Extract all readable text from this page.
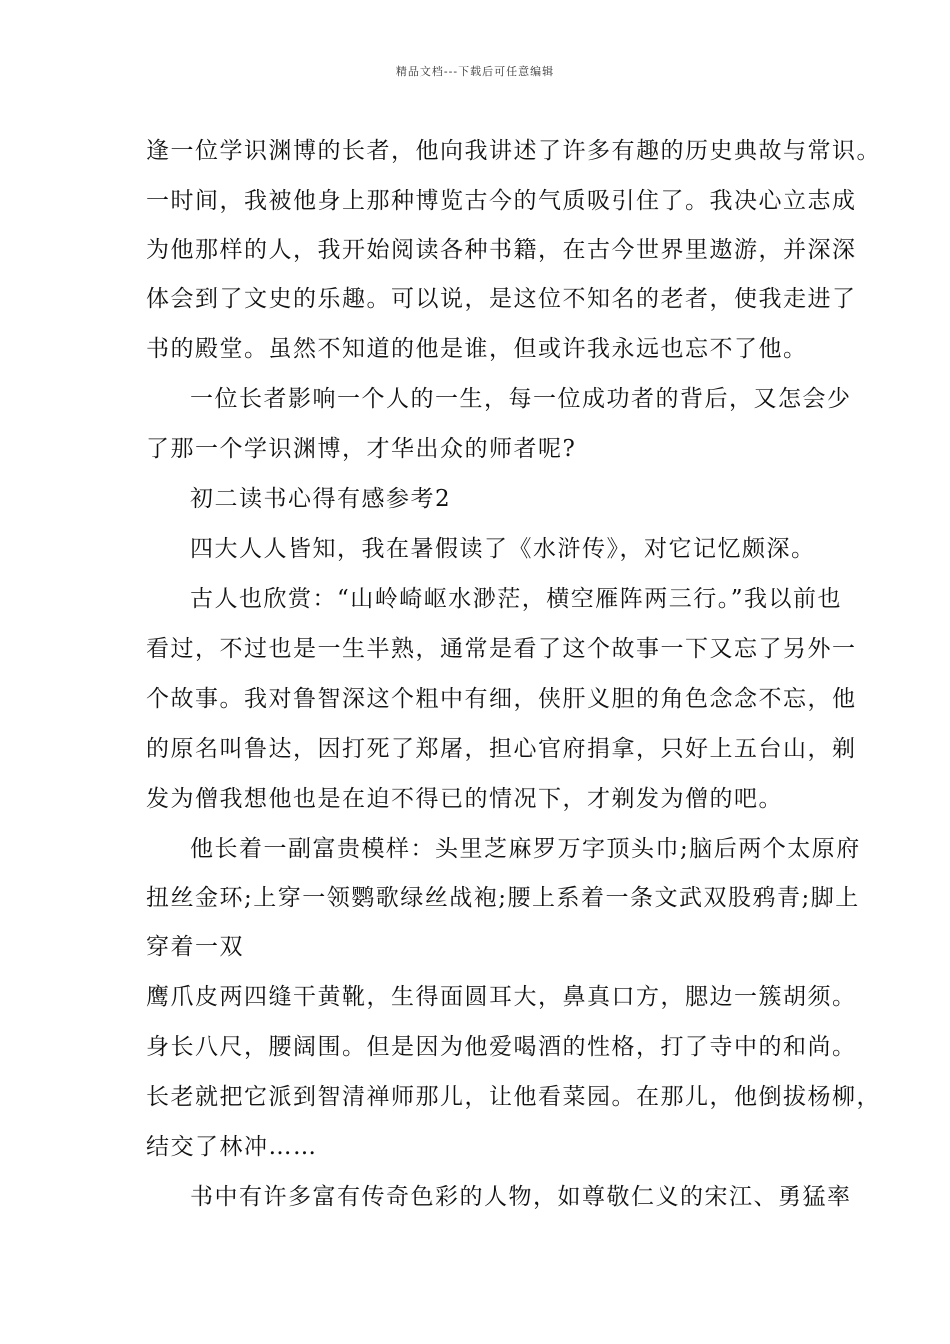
精品文档---下载后可任意编辑
逢一位学识渊博的长者，他向我讲述了许多有趣的历史典故与常识。
一时间，我被他身上那种博览古今的气质吸引住了。我决心立志成
为他那样的人，我开始阅读各种书籍，在古今世界里遨游，并深深
体会到了文史的乐趣。可以说，是这位不知名的老者，使我走进了
书的殿堂。虽然不知道的他是谁，但或许我永远也忘不了他。
一位长者影响一个人的一生，每一位成功者的背后，又怎会少
了那一个学识渊博，才华出众的师者呢?
初二读书心得有感参考2
四大人人皆知，我在暑假读了《水浒传》，对它记忆颇深。
古人也欣赏：“山岭崎岖水渺茫，横空雁阵两三行。”我以前也
看过，不过也是一生半熟，通常是看了这个故事一下又忘了另外一
个故事。我对鲁智深这个粗中有细，侠肝义胆的角色念念不忘，他
的原名叫鲁达，因打死了郑屠，担心官府捐拿，只好上五台山，剃
发为僧我想他也是在迫不得已的情况下，才剃发为僧的吧。
他长着一副富贵模样：头里芝麻罗万字顶头巾;脑后两个太原府
扭丝金环;上穿一领鹦歌绿丝战袍;腰上系着一条文武双股鸦青;脚上
穿着一双
鹰爪皮两四缝干黄靴，生得面圆耳大，鼻真口方，腮边一簇胡须。
身长八尺，腰阔围。但是因为他爱喝酒的性格，打了寺中的和尚。
长老就把它派到智清禅师那儿，让他看菜园。在那儿，他倒拔杨柳，
结交了林冲……
书中有许多富有传奇色彩的人物，如尊敬仁义的宋江、勇猛率
